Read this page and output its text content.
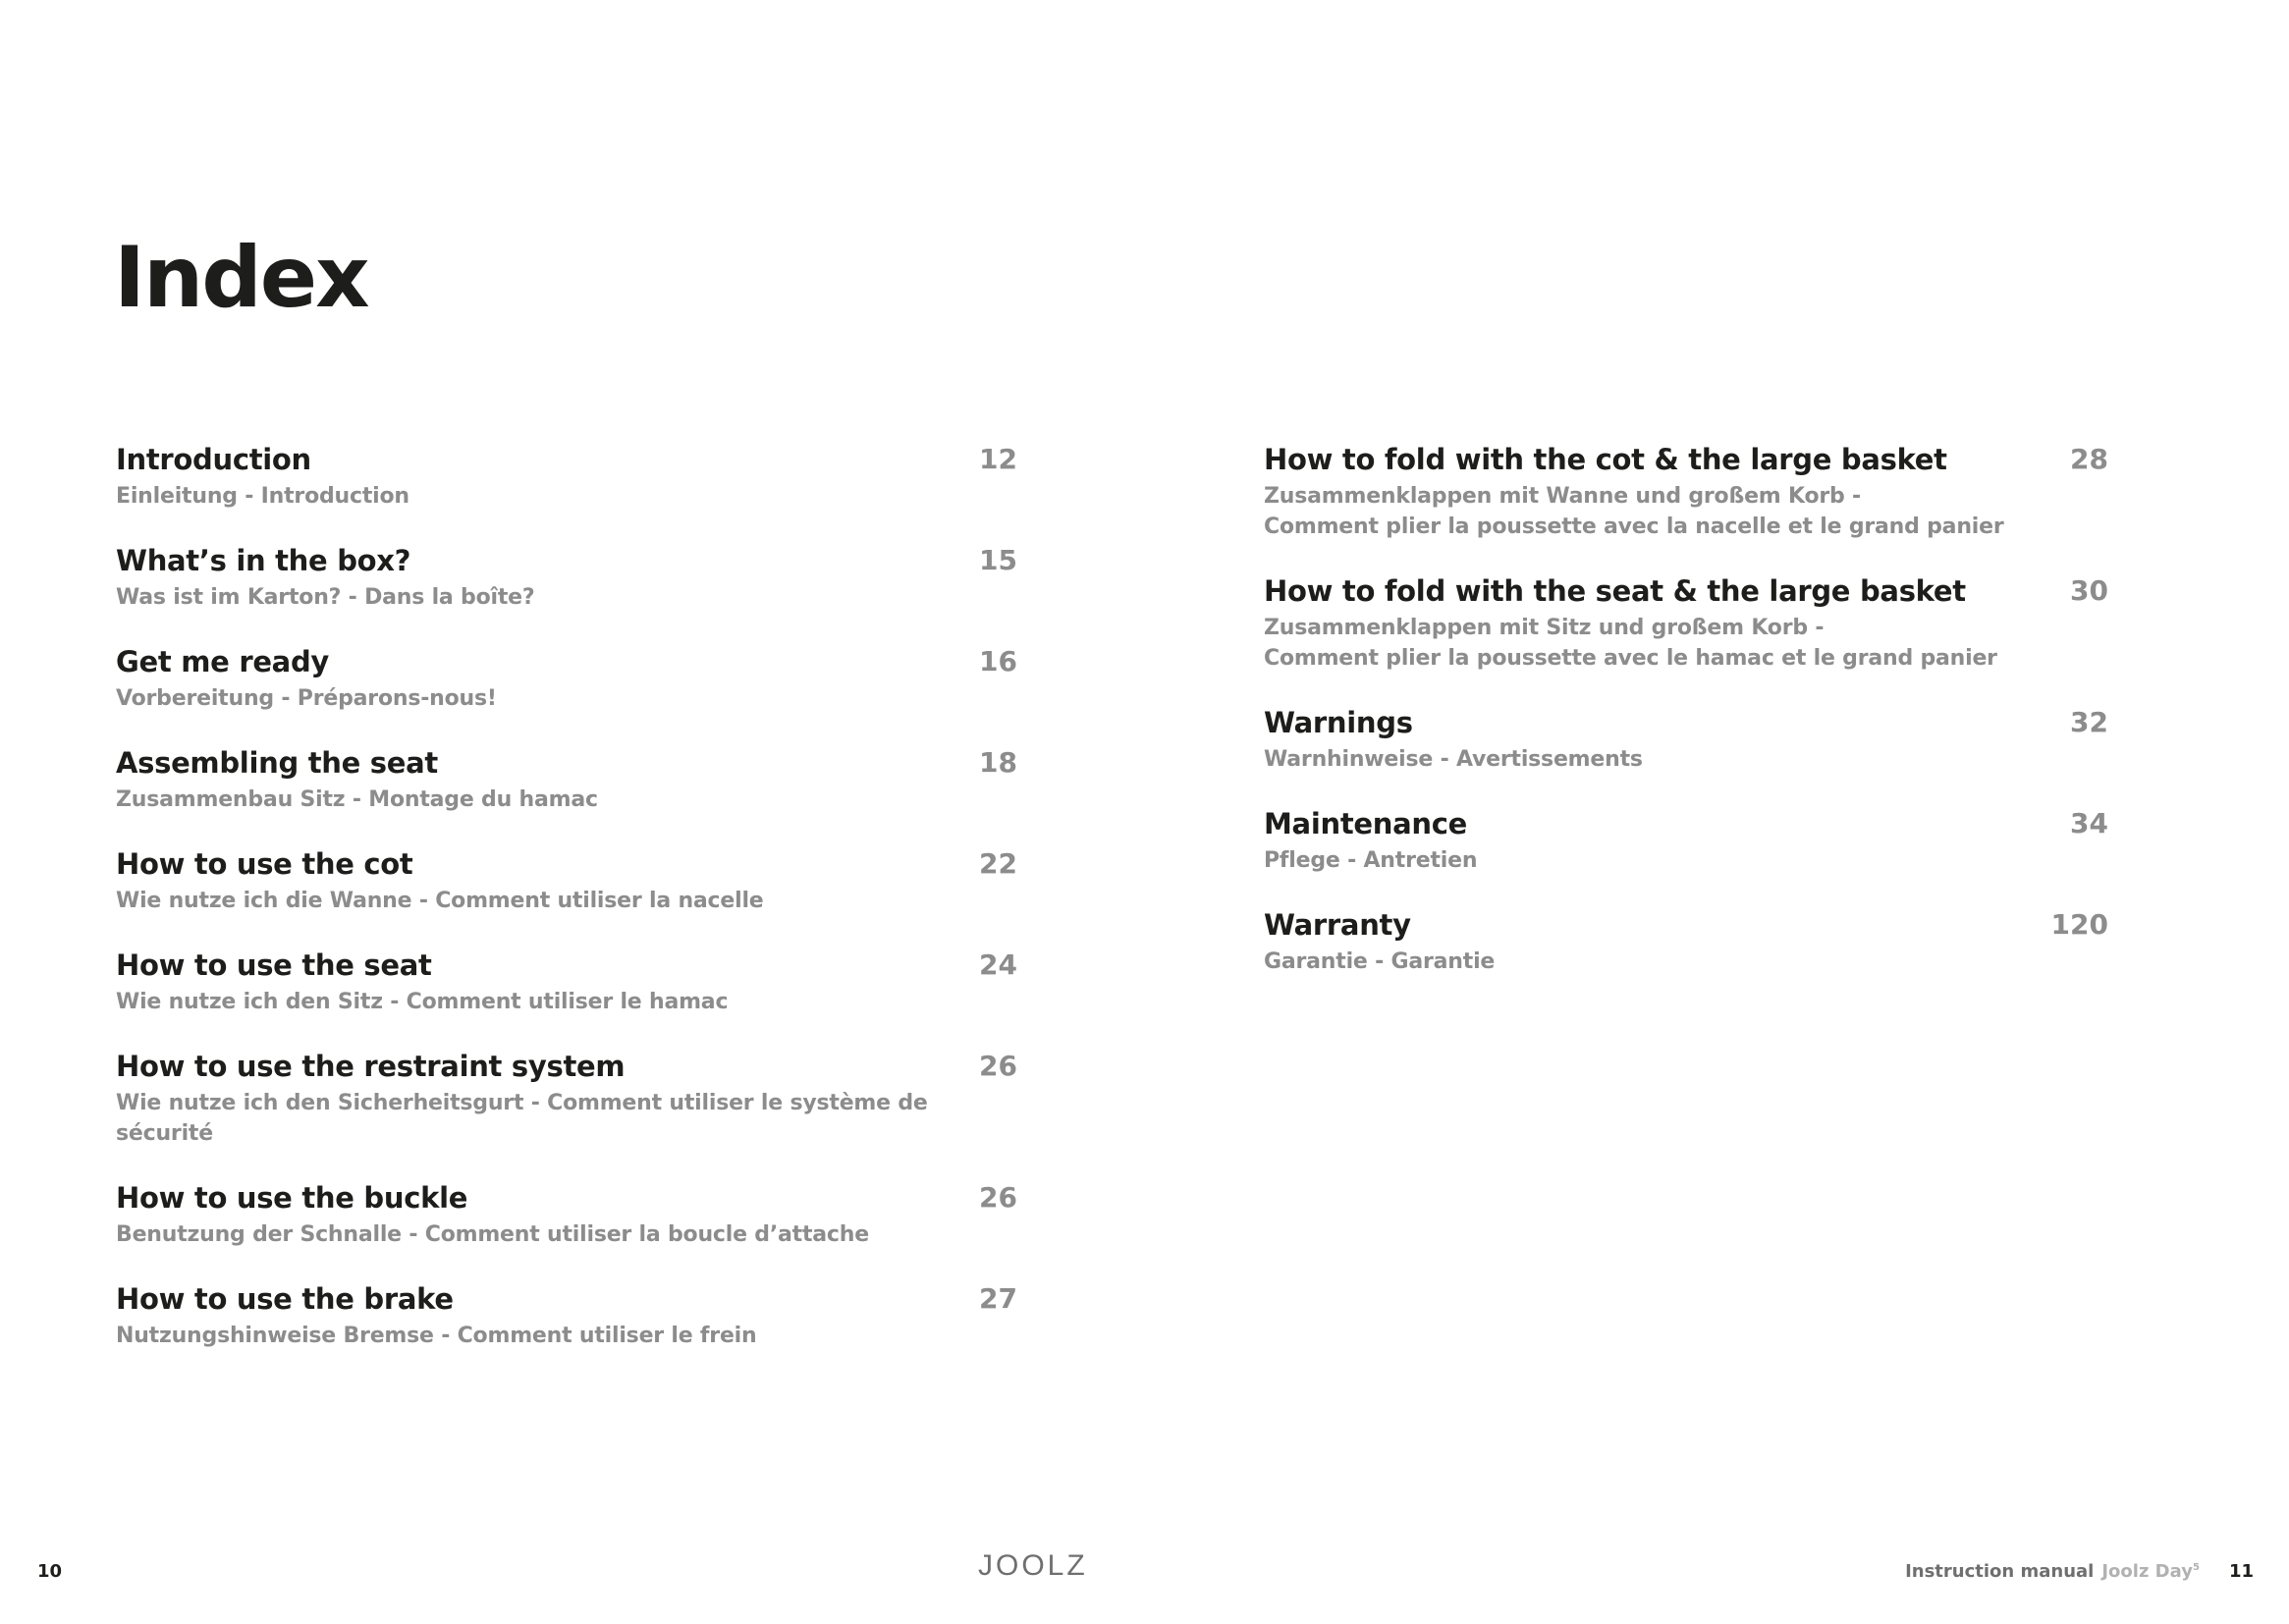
Index
Introduction
Einleitung - Introduction
12
What’s in the box?
Was ist im Karton? - Dans la boîte?
15
Get me ready
Vorbereitung - Préparons-nous!
16
Assembling the seat
Zusammenbau Sitz - Montage du hamac
18
How to use the cot
Wie nutze ich die Wanne - Comment utiliser la nacelle
22
How to use the seat
Wie nutze ich den Sitz - Comment utiliser le hamac
24
How to use the restraint system
Wie nutze ich den Sicherheitsgurt - Comment utiliser le système de sécurité
26
How to use the buckle
Benutzung der Schnalle - Comment utiliser la boucle d’attache
26
How to use the brake
Nutzungshinweise Bremse - Comment utiliser le frein
27
How to fold with the cot & the large basket
Zusammenklappen mit Wanne und großem Korb -
Comment plier la poussette avec la nacelle et le grand panier
28
How to fold with the seat & the large basket
Zusammenklappen mit Sitz und großem Korb -
Comment plier la poussette avec le hamac et le grand panier
30
Warnings
Warnhinweise - Avertissements
32
Maintenance
Pflege - Antretien
34
Warranty
Garantie - Garantie
120
10	JOOLZ	Instruction manual Joolz Day$^5$ 11
